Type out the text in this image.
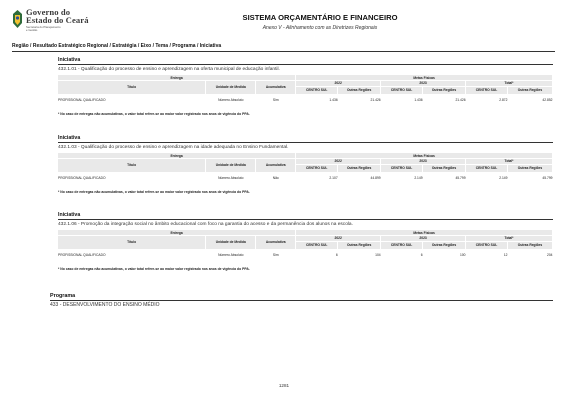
Governo do
Estado do Ceará
Secretaria do Planejamento
e Gestão
SISTEMA ORÇAMENTÁRIO E FINANCEIRO
Anexo V - Alinhamento com as Diretrizes Regionais
Região / Resultado Estratégico Regional / Estratégia / Eixo / Tema / Programa / Iniciativa
Iniciativa
432.1.01 - Qualificação do processo de ensino e aprendizagem na oferta municipal de educação infantil.
Entrega			Metas Físicas					
Título	Unidade de Medida	Acumulativa	2022		2023		Total*	
			CENTRO SUL	Outras Regiões	CENTRO SUL	Outras Regiões	CENTRO SUL	Outras Regiões

PROFISSIONAL QUALIFICADO	Número Absoluto	Sim	1.436	21.426	1.436	21.426	2.872	42.852
* No caso de entregas não acumulativas, o valor total refere-se ao maior valor registrado nos anos de vigência do PPA.
Iniciativa
432.1.03 - Qualificação do processo de ensino e aprendizagem na idade adequada no Ensino Fundamental.
Entrega			Metas Físicas					
Título	Unidade de Medida	Acumulativa	2022		2023		Total*	
			CENTRO SUL	Outras Regiões	CENTRO SUL	Outras Regiões	CENTRO SUL	Outras Regiões

PROFISSIONAL QUALIFICADO	Número Absoluto	Não	2.107	44.899	2.149	45.799	2.149	45.799
* No caso de entregas não acumulativas, o valor total refere-se ao maior valor registrado nos anos de vigência do PPA.
Iniciativa
432.1.06 - Promoção da integração social no âmbito educacional com foco na garantia do acesso e da permanência dos alunos na escola.
Entrega			Metas Físicas					
Título	Unidade de Medida	Acumulativa	2022		2023		Total*	
			CENTRO SUL	Outras Regiões	CENTRO SUL	Outras Regiões	CENTRO SUL	Outras Regiões

PROFISSIONAL QUALIFICADO	Número Absoluto	Sim	6	104	6	100	12	204
* No caso de entregas não acumulativas, o valor total refere-se ao maior valor registrado nos anos de vigência do PPA.
Programa
433 - DESENVOLVIMENTO DO ENSINO MÉDIO
1281
